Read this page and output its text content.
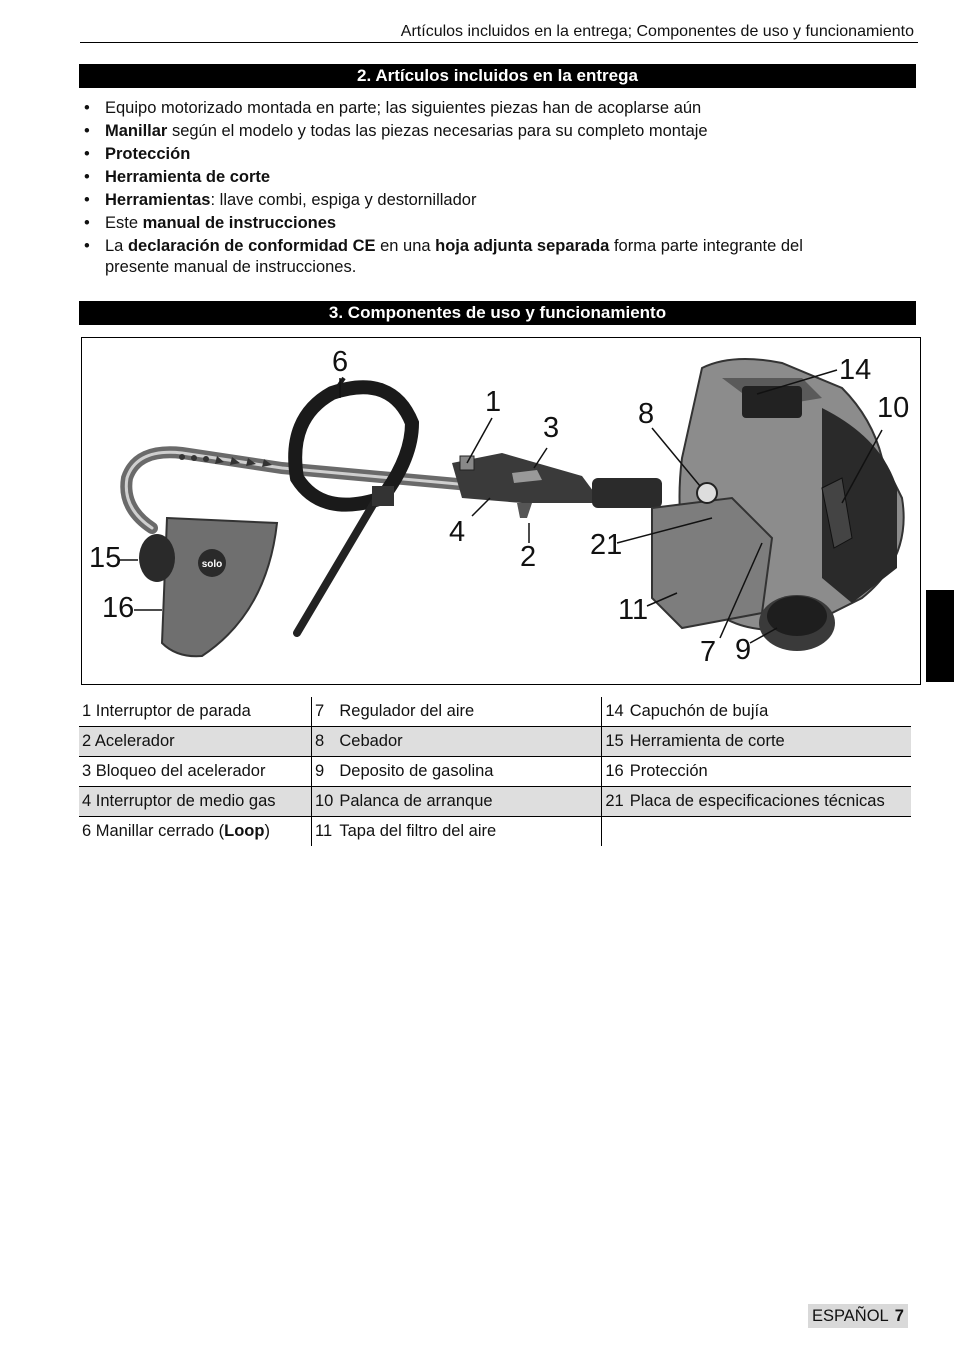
Artículos incluidos en la entrega; Componentes de uso y funcionamiento
2. Artículos incluidos en la entrega
• Equipo motorizado montada en parte; las siguientes piezas han de acoplarse aún
• Manillar según el modelo y todas las piezas necesarias para su completo montaje
• Protección
• Herramienta de corte
• Herramientas: llave combi, espiga y destornillador
• Este manual de instrucciones
• La declaración de conformidad CE en una hoja adjunta separada forma parte integrante del
presente manual de instrucciones.
3. Componentes de uso y funcionamiento
solo
6
1
3	8
14
10
4
2 21
15
16	11
7 9
1 Interruptor de parada	7	Regulador del aire	14	Capuchón de bujía
2 Acelerador	8	Cebador	15	Herramienta de corte
3 Bloqueo del acelerador	9	Deposito de gasolina	16	Protección
4 Interruptor de medio gas	10	Palanca de arranque	21	Placa de especificaciones técnicas
6 Manillar cerrado (Loop)	11	Tapa del filtro del aire		
ESPAÑOL 7
